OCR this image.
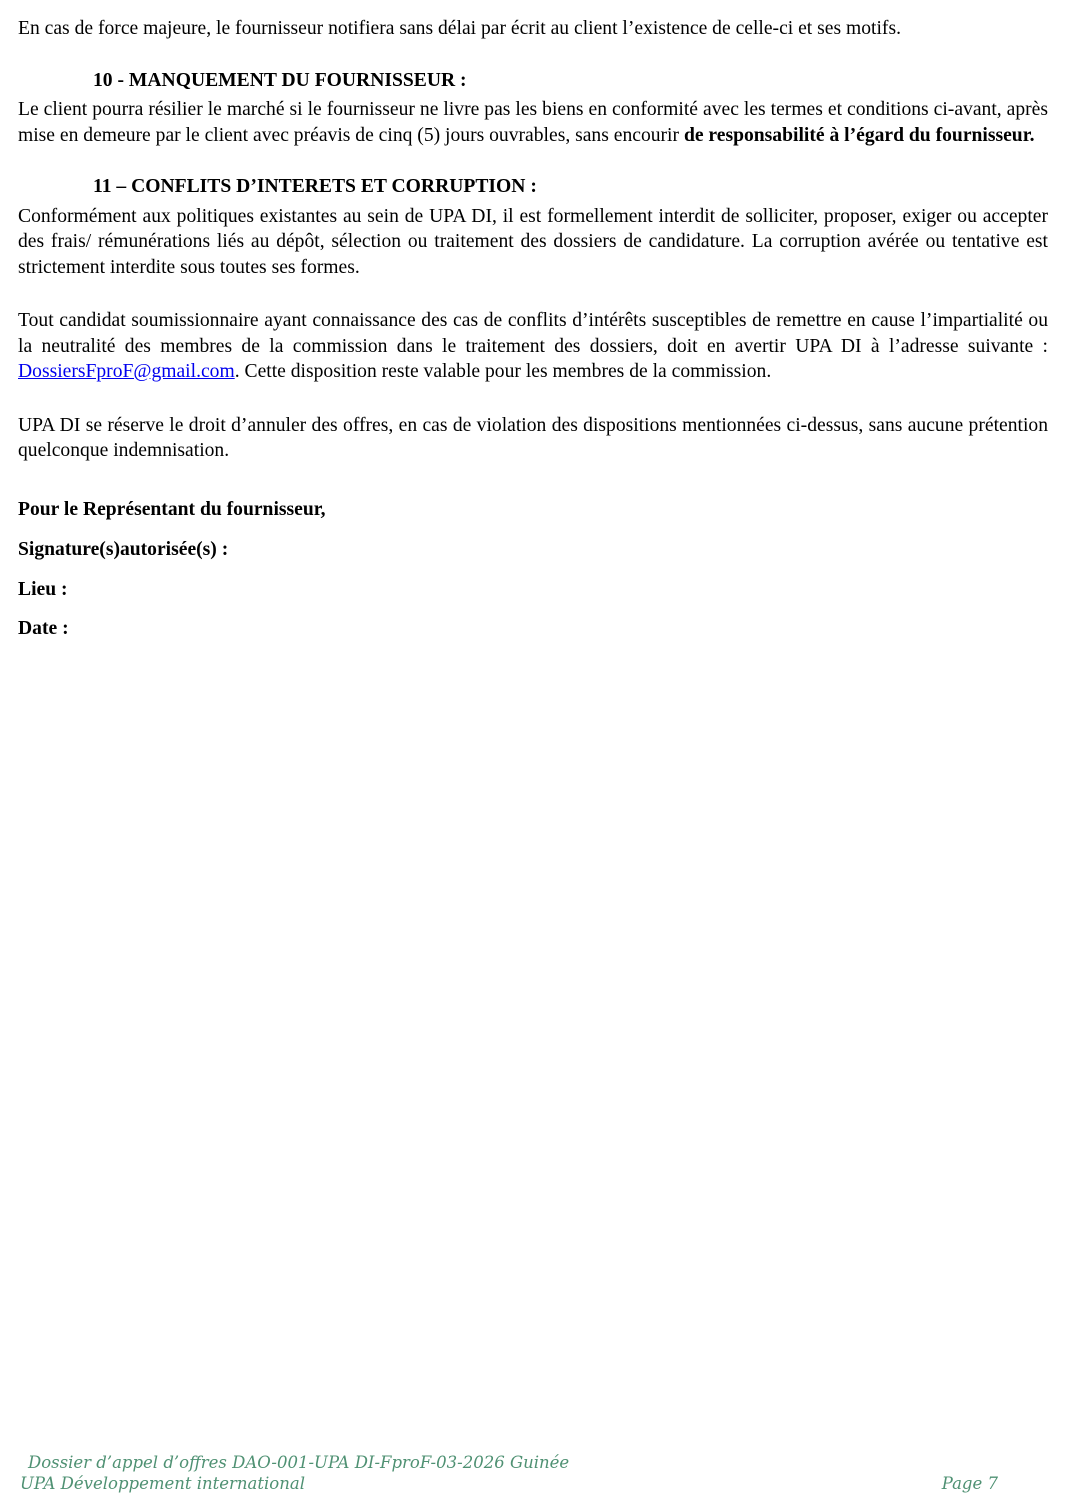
En cas de force majeure, le fournisseur notifiera sans délai par écrit au client l’existence de celle-ci et ses motifs.

10 - MANQUEMENT DU FOURNISSEUR :

Le client pourra résilier le marché si le fournisseur ne livre pas les biens en conformité avec les termes et conditions ci-avant, après mise en demeure par le client avec préavis de cinq (5) jours ouvrables, sans encourir de responsabilité à l’égard du fournisseur.

11 – CONFLITS D’INTERETS ET CORRUPTION :

Conformément aux politiques existantes au sein de UPA DI, il est formellement interdit de solliciter, proposer, exiger ou accepter des frais/ rémunérations liés au dépôt, sélection ou traitement des dossiers de candidature. La corruption avérée ou tentative est strictement interdite sous toutes ses formes.

Tout candidat soumissionnaire ayant connaissance des cas de conflits d’intérêts susceptibles de remettre en cause l’impartialité ou la neutralité des membres de la commission dans le traitement des dossiers, doit en avertir UPA DI à l’adresse suivante : DossiersFproF@gmail.com. Cette disposition reste valable pour les membres de la commission.

UPA DI se réserve le droit d’annuler des offres, en cas de violation des dispositions mentionnées ci-dessus, sans aucune prétention quelconque indemnisation.

Pour le Représentant du fournisseur,

Signature(s)autorisée(s) :

Lieu :

Date :

Dossier d’appel d’offres DAO-001-UPA DI-FproF-03-2026 Guinée
UPA Développement international	Page 7
